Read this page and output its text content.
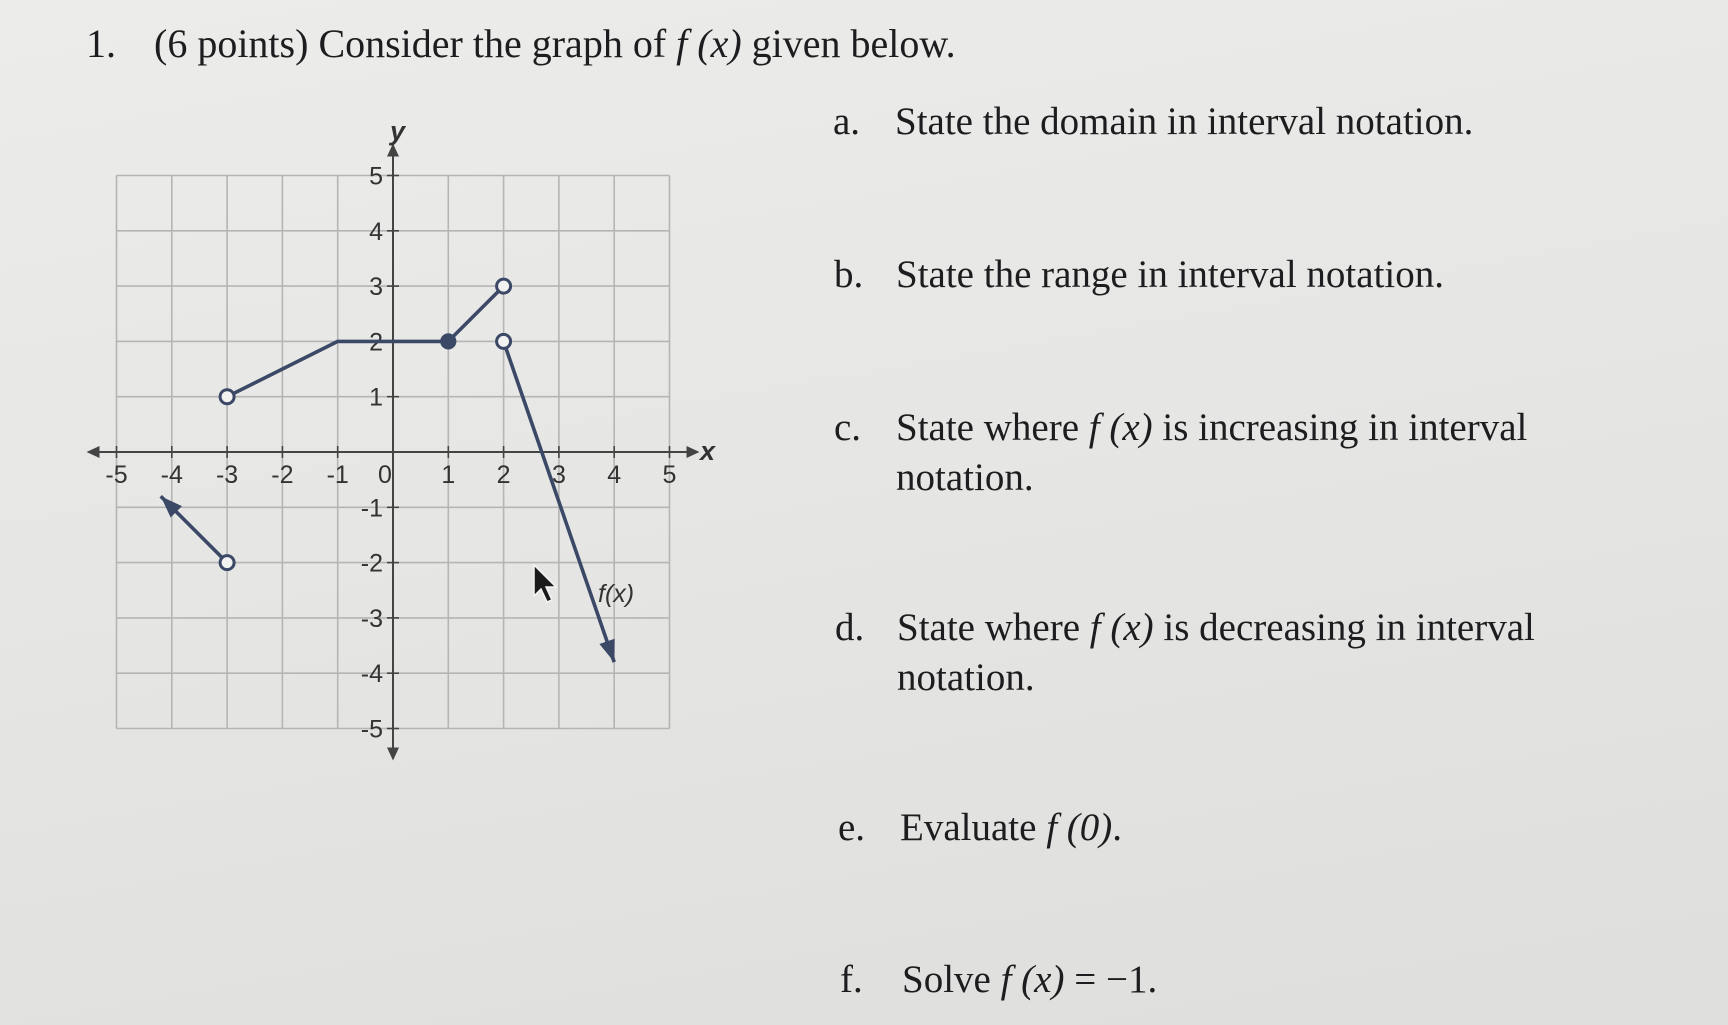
1. (6 points) Consider the graph of f (x) given below.
-5 -4 -3 -2 -1 0 1 2 3 4 5
5
4
3
2
1
-1
-2
-3
-4
-5
y
x
f(x)
a. State the domain in interval notation.
b. State the range in interval notation.
c. State where f (x) is increasing in interval
notation.
d. State where f (x) is decreasing in interval
notation.
e. Evaluate f (0).
f. Solve f (x) = −1.
